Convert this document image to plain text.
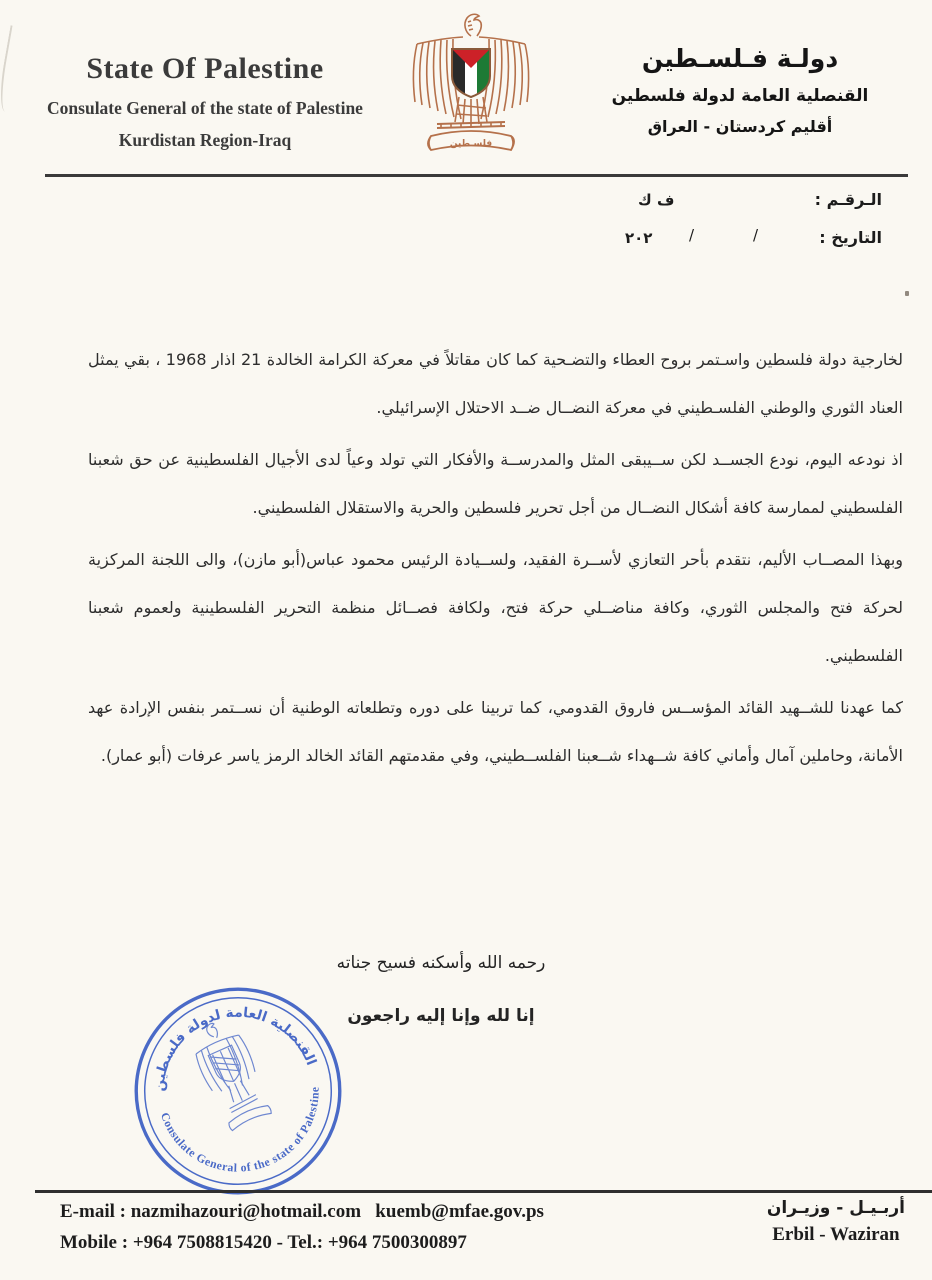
State Of Palestine
Consulate General of the state of Palestine
Kurdistan Region-Iraq	فلسـطين
دولـة فـلسـطين
القنصلية العامة لدولة فلسطين
أقليم كردستان - العراق
الـرقـم :
ف ك
التاريخ :
/
/
٢٠٢

لخارجية دولة فلسطين واسـتمر بروح العطاء والتضـحية كما كان مقاتلاً في معركة الكرامة الخالدة 21 اذار 1968 ، بقي يمثل العناد الثوري والوطني الفلسـطيني في معركة النضــال ضــد الاحتلال الإسرائيلي.

اذ نودعه اليوم، نودع الجســد لكن ســيبقى المثل والمدرســة والأفكار التي تولد وعياً لدى الأجيال الفلسطينية عن حق شعبنا الفلسطيني لممارسة كافة أشكال النضــال من أجل تحرير فلسطين والحرية والاستقلال الفلسطيني.

وبهذا المصــاب الأليم، نتقدم بأحر التعازي لأســرة الفقيد، ولســيادة الرئيس محمود عباس(أبو مازن)، والى اللجنة المركزية لحركة فتح والمجلس الثوري، وكافة مناضــلي حركة فتح، ولكافة فصــائل منظمة التحرير الفلسطينية ولعموم شعبنا الفلسطيني.

كما عهدنا للشــهيد القائد المؤســس فاروق القدومي، كما تربينا على دوره وتطلعاته الوطنية أن نســتمر بنفس الإرادة عهد الأمانة، وحاملين آمال وأماني كافة شــهداء شــعبنا الفلســطيني، وفي مقدمتهم القائد الخالد الرمز ياسر عرفات (أبو عمار).

رحمه الله وأسكنه فسيح جناته
إنا لله وإنا إليه راجعون
القنصلية العامة لدولة فلسطين
Consulate General of the state of Palestine
E-mail : nazmihazouri@hotmail.com   kuemb@mfae.gov.ps
Mobile : +964 7508815420 - Tel.: +964 7500300897
أربـيـل - وزيـران
Erbil - Waziran
